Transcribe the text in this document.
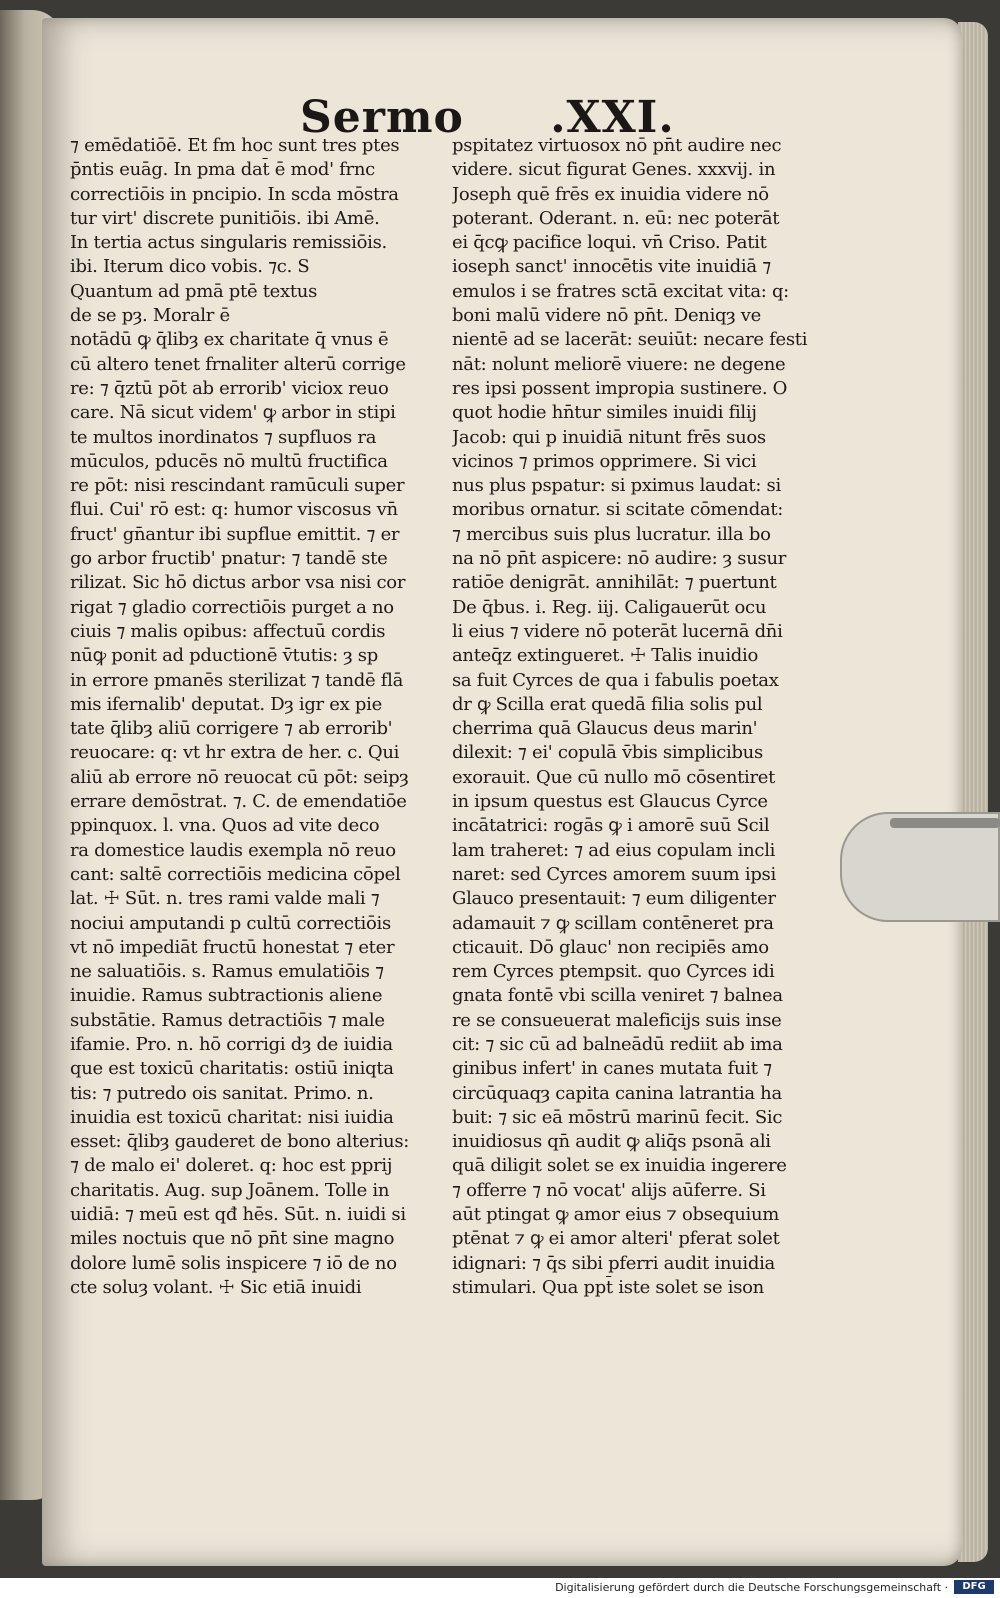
Sermo .XXI.
⁊ emēdatiōē. Et fm hoc sunt tres ptes
p̄ntis euāg. In pma dat̄ ē mod' frnc
correctiōis in pncipio. In scda mōstra
tur virt' discrete punitiōis. ibi Amē.
In tertia actus singularis remissiōis.
ibi. Iterum dico vobis. ⁊c. S
Quantum ad pmā ptē textus
de se pȝ. Moralr ē
notādū ꝙ q̄libȝ ex charitate q̄ vnus ē
cū altero tenet frnaliter alterū corrige
re: ⁊ q̄ztū pōt ab errorib' viciox reuo
care. Nā sicut videm' ꝙ arbor in stipi
te multos inordinatos ⁊ supfluos ra
mūculos, pducēs nō multū fructifica
re pōt: nisi rescindant ramūculi super
flui. Cui' rō est: q: humor viscosus vn̄
fruct' gn̄antur ibi supflue emittit. ⁊ er
go arbor fructib' pnatur: ⁊ tandē ste
rilizat. Sic hō dictus arbor vsa nisi cor
rigat ⁊ gladio correctiōis purget a no
ciuis ⁊ malis opibus: affectuū cordis
nūꝙ ponit ad pductionē v̄tutis: ȝ sp
in errore pmanēs sterilizat ⁊ tandē flā
mis ifernalib' deputat. Dȝ igr ex pie
tate q̄libȝ aliū corrigere ⁊ ab errorib'
reuocare: q: vt hr extra de her. c. Qui
aliū ab errore nō reuocat cū pōt: seipȝ
errare demōstrat. ⁊. C. de emendatiōe
ppinquox. l. vna. Quos ad vite deco
ra domestice laudis exempla nō reuo
cant: saltē correctiōis medicina cōpel
lat. ☩ Sūt. n. tres rami valde mali ⁊
nociui amputandi p cultū correctiōis
vt nō impediāt fructū honestat ⁊ eter
ne saluatiōis. s. Ramus emulatiōis ⁊
inuidie. Ramus subtractionis aliene
substātie. Ramus detractiōis ⁊ male
ifamie. Pro. n. hō corrigi dȝ de iuidia
que est toxicū charitatis: ostiū iniqta
tis: ⁊ putredo ois sanitat. Primo. n.
inuidia est toxicū charitat: nisi iuidia
esset: q̄libȝ gauderet de bono alterius:
⁊ de malo ei' doleret. q: hoc est pprij
charitatis. Aug. sup Joānem. Tolle in
uidiā: ⁊ meū est qđ hēs. Sūt. n. iuidi si
miles noctuis que nō pn̄t sine magno
dolore lumē solis inspicere ⁊ iō de no
cte soluȝ volant. ☩ Sic etiā inuidi
pspitatez virtuosox nō pn̄t audire nec
videre. sicut figurat Genes. xxxvij. in
Joseph quē frēs ex inuidia videre nō
poterant. Oderant. n. eū: nec poterāt
ei q̄cꝙ pacifice loqui. vn̄ Criso. Patit
ioseph sanct' innocētis vite inuidiā ⁊
emulos i se fratres sctā excitat vita: q:
boni malū videre nō pn̄t. Deniqȝ ve
nientē ad se lacerāt: seuiūt: necare festi
nāt: nolunt meliorē viuere: ne degene
res ipsi possent impropia sustinere. O
quot hodie hn̄tur similes inuidi filij
Jacob: qui p inuidiā nitunt frēs suos
vicinos ⁊ primos opprimere. Si vici
nus plus pspatur: si pximus laudat: si
moribus ornatur. si scitate cōmendat:
⁊ mercibus suis plus lucratur. illa bo
na nō pn̄t aspicere: nō audire: ȝ susur
ratiōe denigrāt. annihilāt: ⁊ puertunt
De q̄bus. i. Reg. iij. Caligauerūt ocu
li eius ⁊ videre nō poterāt lucernā dn̄i
anteq̄z extingueret. ☩ Talis inuidio
sa fuit Cyrces de qua i fabulis poetax
dr ꝙ Scilla erat quedā filia solis pul
cherrima quā Glaucus deus marin'
dilexit: ⁊ ei' copulā v̄bis simplicibus
exorauit. Que cū nullo mō cōsentiret
in ipsum questus est Glaucus Cyrce
incātatrici: rogās ꝙ i amorē suū Scil
lam traheret: ⁊ ad eius copulam incli
naret: sed Cyrces amorem suum ipsi
Glauco presentauit: ⁊ eum diligenter
adamauit ⁊ ꝙ scillam contēneret pra
cticauit. Dō glauc' non recipiēs amo
rem Cyrces ptempsit. quo Cyrces idi
gnata fontē vbi scilla veniret ⁊ balnea
re se consueuerat maleficijs suis inse
cit: ⁊ sic cū ad balneādū rediit ab ima
ginibus infert' in canes mutata fuit ⁊
circūquaqȝ capita canina latrantia ha
buit: ⁊ sic eā mōstrū marinū fecit. Sic
inuidiosus qn̄ audit ꝙ aliq̄s psonā ali
quā diligit solet se ex inuidia ingerere
⁊ offerre ⁊ nō vocat' alijs aūferre. Si
aūt ptingat ꝙ amor eius ⁊ obsequium
ptēnat ⁊ ꝙ ei amor alteri' pferat solet
idignari: ⁊ q̄s sibi pferri audit inuidia
stimulari. Qua ppt̄ iste solet se ison
Digitalisierung gefördert durch die Deutsche Forschungsgemeinschaft ·	DFG
